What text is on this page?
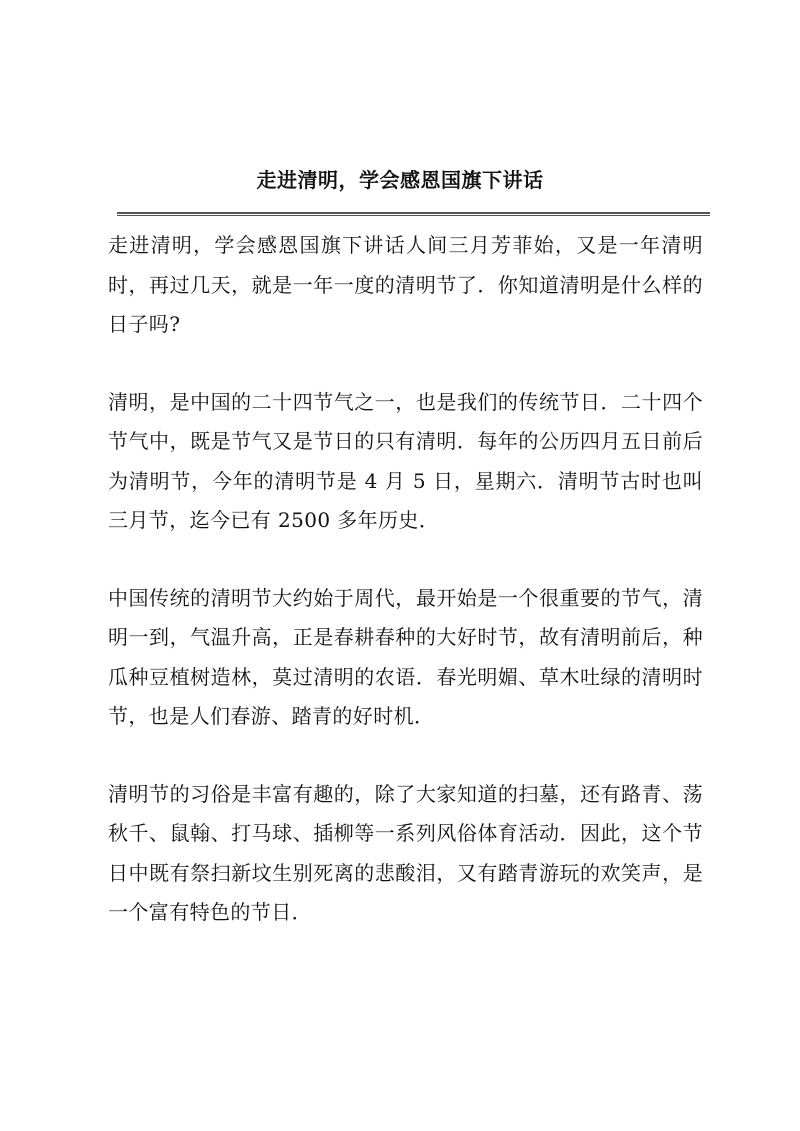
走进清明，学会感恩国旗下讲话

走进清明，学会感恩国旗下讲话人间三月芳菲始，又是一年清明时，再过几天，就是一年一度的清明节了．你知道清明是什么样的日子吗?

清明，是中国的二十四节气之一，也是我们的传统节日．二十四个节气中，既是节气又是节日的只有清明．每年的公历四月五日前后为清明节，今年的清明节是 4 月 5 日，星期六．清明节古时也叫三月节，迄今已有 2500 多年历史．

中国传统的清明节大约始于周代，最开始是一个很重要的节气，清明一到，气温升高，正是春耕春种的大好时节，故有清明前后，种瓜种豆植树造林，莫过清明的农语．春光明媚、草木吐绿的清明时节，也是人们春游、踏青的好时机．

清明节的习俗是丰富有趣的，除了大家知道的扫墓，还有路青、荡秋千、鼠翰、打马球、插柳等一系列风俗体育活动．因此，这个节日中既有祭扫新坟生别死离的悲酸泪，又有踏青游玩的欢笑声，是一个富有特色的节日．
